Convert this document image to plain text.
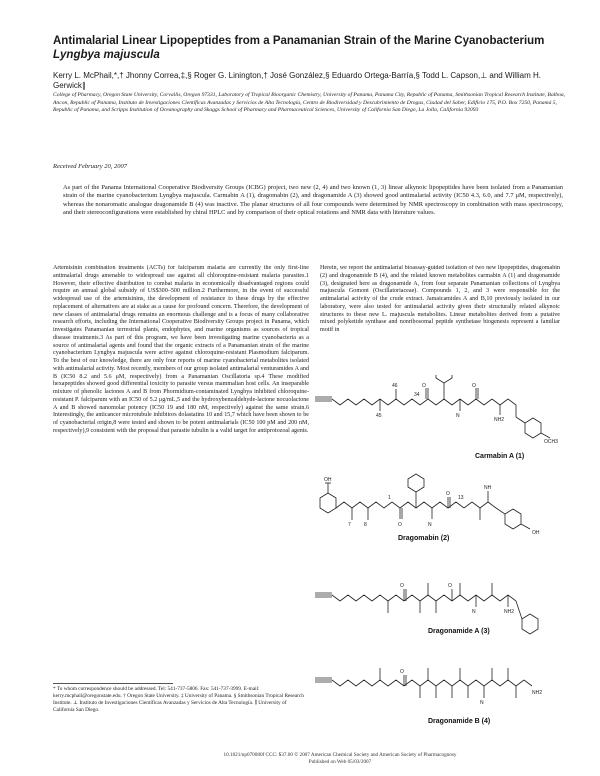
Antimalarial Linear Lipopeptides from a Panamanian Strain of the Marine Cyanobacterium Lyngbya majuscula
Kerry L. McPhail,*,† Jhonny Correa,‡,§ Roger G. Linington,† José González,§ Eduardo Ortega-Barría,§ Todd L. Capson,⊥ and William H. Gerwick∥
College of Pharmacy, Oregon State University, Corvallis, Oregon 97331, Laboratory of Tropical Bioorganic Chemistry, University of Panama, Panama City, Republic of Panama, Smithsonian Tropical Research Institute, Balboa, Ancon, Republic of Panama, Instituto de Investigaciones Científicas Avanzadas y Servicios de Alta Tecnología, Centro de Biodiversidad y Descubrimiento de Drogas, Ciudad del Saber, Edificio 175, P.O. Box 7250, Panamá 5, Republic of Panama, and Scripps Institution of Oceanography and Skaggs School of Pharmacy and Pharmaceutical Sciences, University of California San Diego, La Jolla, California 92093
Received February 20, 2007
As part of the Panama International Cooperative Biodiversity Groups (ICBG) project, two new (2, 4) and two known (1, 3) linear alkynoic lipopeptides have been isolated from a Panamanian strain of the marine cyanobacterium Lyngbya majuscula. Carmabin A (1), dragomabin (2), and dragonamide A (3) showed good antimalarial activity (IC50 4.3, 6.0, and 7.7 μM, respectively), whereas the nonaromatic analogue dragonamide B (4) was inactive. The planar structures of all four compounds were determined by NMR spectroscopy in combination with mass spectroscopy, and their stereoconfigurations were established by chiral HPLC and by comparison of their optical rotations and NMR data with literature values.
Artemisinin combination treatments (ACTs) for falciparum malaria are currently the only first-line antimalarial drugs amenable to widespread use against all chloroquine-resistant malaria parasites.1 However, their effective distribution to combat malaria in economically disadvantaged regions could require an annual global subsidy of US$300–500 million.2 Furthermore, in the event of successful widespread use of the artemisinins, the development of resistance to these drugs by the effective replacement of alternatives are at stake as a cause for profound concern. Therefore, the development of new classes of antimalarial drugs remains an enormous challenge and is a focus of many collaborative research efforts, including the International Cooperative Biodiversity Groups project in Panama, which investigates Panamanian terrestrial plants, endophytes, and marine organisms as sources of tropical disease treatments.3 As part of this program, we have been investigating marine cyanobacteria as a source of antimalarial agents and found that the organic extracts of a Panamanian strain of the marine cyanobacterium Lyngbya majuscula were active against chloroquine-resistant Plasmodium falciparum. To the best of our knowledge, there are only four reports of marine cyanobacterial metabolites isolated with antimalarial activity. Most recently, members of our group isolated antimalarial venturamides A and B (IC50 8.2 and 5.6 μM, respectively) from a Panamanian Oscillatoria sp.4 These modified hexapeptides showed good differential toxicity to parasite versus mammalian host cells. An inseparable mixture of phenolic lactones A and B from Phormidium-contaminated Lyngbya inhibited chloroquine-resistant P. falciparum with an IC50 of 5.2 μg/mL,5 and the hydroxybenzaldehyde-lactone nocuolactone A and B showed nanomolar potency (IC50 19 and 180 nM, respectively) against the same strain.6 Interestingly, the anticancer microtubule inhibitors dolastatins 10 and 15,7 which have been shown to be of cyanobacterial origin,8 were tested and shown to be potent antimalarials (IC50 100 pM and 200 nM, respectively),9 consistent with the proposal that parasite tubulin is a valid target for antiprotozoal agents.
Herein, we report the antimalarial bioassay-guided isolation of two new lipopeptides, dragomabin (2) and dragonamide B (4), and the related known metabolites carmabin A (1) and dragonamide (3), designated here as dragonamide A, from four separate Panamanian collections of Lyngbya majuscula Gomont (Oscillatoriaceae). Compounds 1, 2, and 3 were responsible for the antimalarial activity of the crude extract. Jamaicamides A and B,10 previously isolated in our laboratory, were also tested for antimalarial activity given their structurally related alkynoic structures to these new L. majuscula metabolites. Linear metabolites derived from a putative mixed polyketide synthase and nonribosomal peptide synthetase biogenesis represent a familiar motif in
* To whom correspondence should be addressed. Tel: 541-737-5806. Fax: 541-737-3999. E-mail: kerry.mcphail@oregonstate.edu. † Oregon State University. ‡ University of Panama. § Smithsonian Tropical Research Institute. ⊥ Instituto de Investigaciones Científicas Avanzadas y Servicios de Alta Tecnología. ∥ University of California San Diego.
10.1021/np070080f CCC: $37.00 © 2007 American Chemical Society and American Society of Pharmacognosy
Published on Web 05/03/2007
O	O
N
NH2
OCH3
34
45
46
OH
O
O
N
NH
OH
7	8
13
1
O	O
N	NH2
O
N
NH2
Carmabin A (1)
Dragomabin (2)
Dragonamide A (3)
Dragonamide B (4)
